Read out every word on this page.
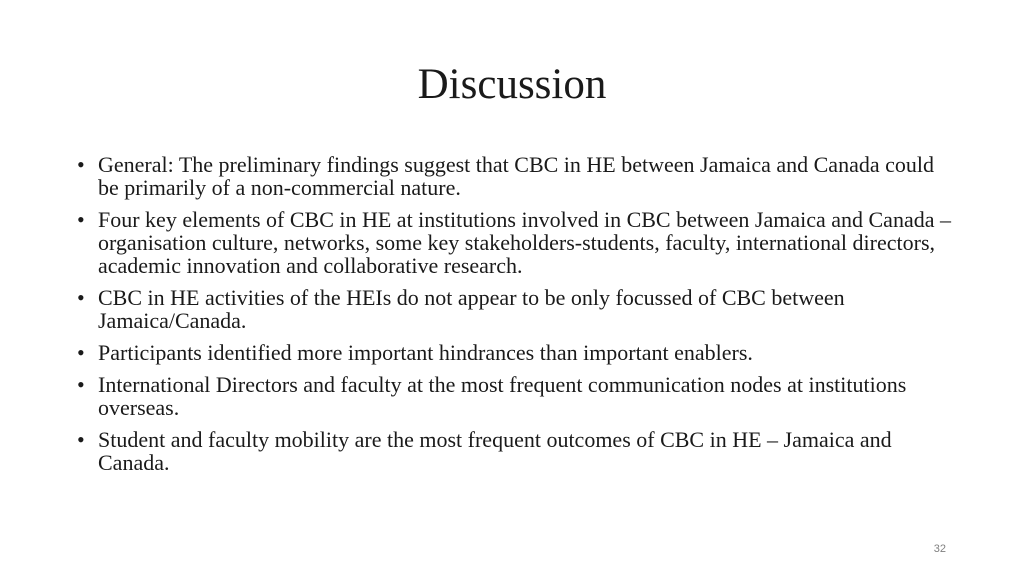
Discussion
• General: The preliminary findings suggest that CBC in HE between Jamaica and Canada could be primarily of a non-commercial nature.
• Four key elements of CBC in HE at institutions involved in CBC between Jamaica and Canada – organisation culture, networks, some key stakeholders-students, faculty, international directors, academic innovation and collaborative research.
• CBC in HE activities of the HEIs do not appear to be only focussed of CBC between Jamaica/Canada.
• Participants identified more important hindrances than important enablers.
• International Directors and faculty at the most frequent communication nodes at institutions overseas.
• Student and faculty mobility are the most frequent outcomes of CBC in HE – Jamaica and Canada.
32
